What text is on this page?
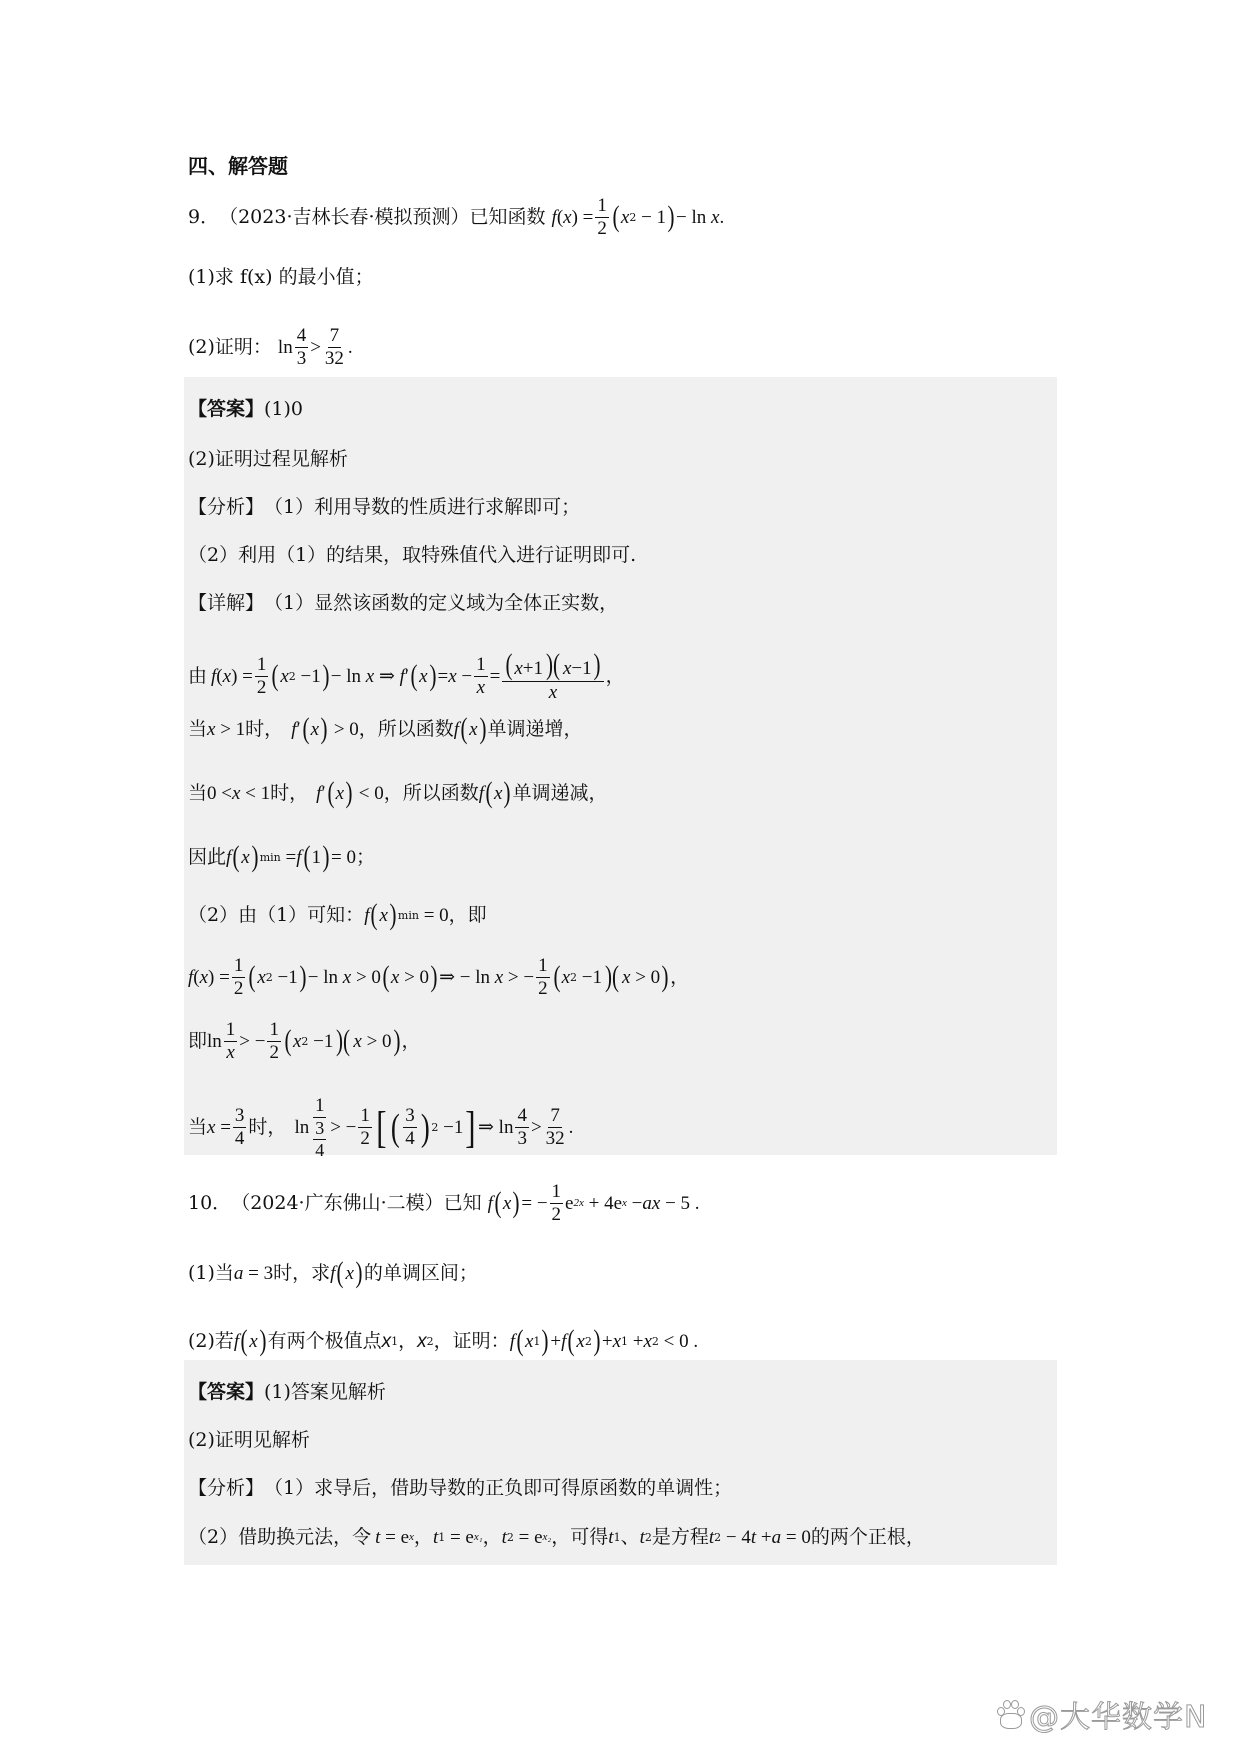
四、解答题
9． （2023·吉林长春·模拟预测） 已知函数 f ( x ) = $\frac{1}{2}$ ( x 2 − 1 ) − ln x .
(1)求 f(x) 的最小值；
(2)证明： $\ln \frac{4}{3} > \frac{7}{32}$ .
【答案】 (1)0
(2)证明过程见解析
【分析】 （1）利用导数的性质进行求解即可；
（2）利用（1）的结果，取特殊值代入进行证明即可.
【详解】 （1）显然该函数的定义域为全体正实数，
由 f ( x ) = $\frac{1}{2}$ ( x 2 −1 ) − ln x ⇒ f ′ ( x ) = $x - \frac{1}{x} = \frac{(x+1)( x-1)}{x}$ ，
当 x > 1 时， f ′ ( x ) > 0 ，所以函数 f ( x ) 单调递增，
当 0 < x < 1 时， f ′ ( x ) < 0 ，所以函数 f ( x ) 单调递减，
因此 f ( x ) min = f ( 1 ) = 0 ；
（2）由（1）可知： f ( x ) min = 0 ，即
f ( x ) = $\frac{1}{2}$ ( x 2 −1 ) − ln x > 0 ( x > 0 ) ⇒ − ln x > − $\frac{1}{2}$ ( x 2 −1 )( x > 0 ) ，
即 $\ln \frac{1}{x}$ > − $\frac{1}{2}$ ( x 2 −1 )( x > 0 ) ，
当 $x = \frac{3}{4}$ 时， $\ln \frac{1}{\frac{3}{4}}$ > − $\frac{1}{2}$ [ ( $\frac{3}{4}$ ) 2 −1 ] ⇒ $\ln \frac{4}{3} > \frac{7}{32}$ .
10． （2024·广东佛山·二模） 已知 f ( x ) = − $\frac{1}{2}$ e 2x + 4e x − ax − 5 .
(1)当 a = 3 时，求 f ( x ) 的单调区间；
(2)若 f ( x ) 有两个极值点 x 1 ， x 2 ，证明： f ( x 1 ) + f ( x 2 ) + x 1 + x 2 < 0 .
【答案】 (1)答案见解析
(2)证明见解析
【分析】 （1）求导后，借助导数的正负即可得原函数的单调性；
（2）借助换元法，令 t = e x ， t 1 = e x₁ ， t 2 = e x₂ ，可得 t 1 、 t 2 是方程 t 2 − 4 t + a = 0 的两个正根，
@大华数学N
